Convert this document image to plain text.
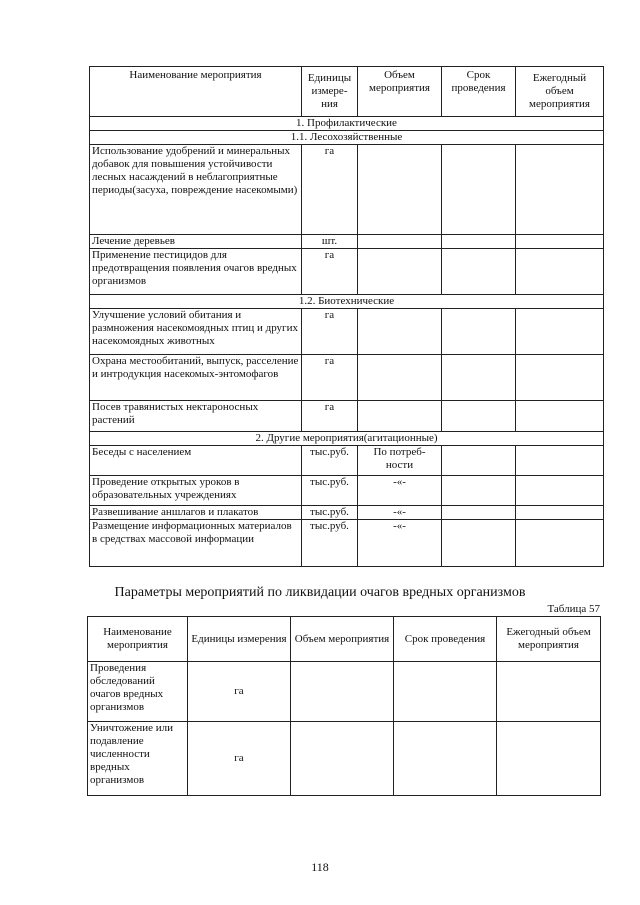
Наименование мероприятия	Единицы измере-ния	Объем мероприятия	Срок проведения	Ежегодный объем мероприятия
1. Профилактические				
1.1. Лесохозяйственные				
Использование удобрений и минеральных добавок для повышения устойчивости лесных насаждений в неблагоприятные периоды(засуха, повреждение насекомыми)	га			
Лечение деревьев	шт.			
Применение пестицидов для предотвращения появления очагов вредных организмов	га			
1.2. Биотехнические				
Улучшение условий обитания и размножения насекомоядных птиц и других насекомоядных животных	га			
Охрана местообитаний, выпуск, расселение и интродукция насекомых-энтомофагов	га			
Посев травянистых нектароносных растений	га			
2. Другие мероприятия(агитационные)				
Беседы с населением	тыс.руб.	По потреб-ности		
Проведение открытых уроков в образовательных учреждениях	тыс.руб.	-«-		
Развешивание аншлагов и плакатов	тыс.руб.	-«-		
Размещение информационных материалов в средствах массовой информации	тыс.руб.	-«-		
Параметры мероприятий по ликвидации очагов вредных организмов
Таблица 57
Наименование мероприятия	Единицы измерения	Объем мероприятия	Срок проведения	Ежегодный объем мероприятия
Проведения обследований очагов вредных организмов	га			
Уничтожение или подавление численности вредных организмов	га			
118
